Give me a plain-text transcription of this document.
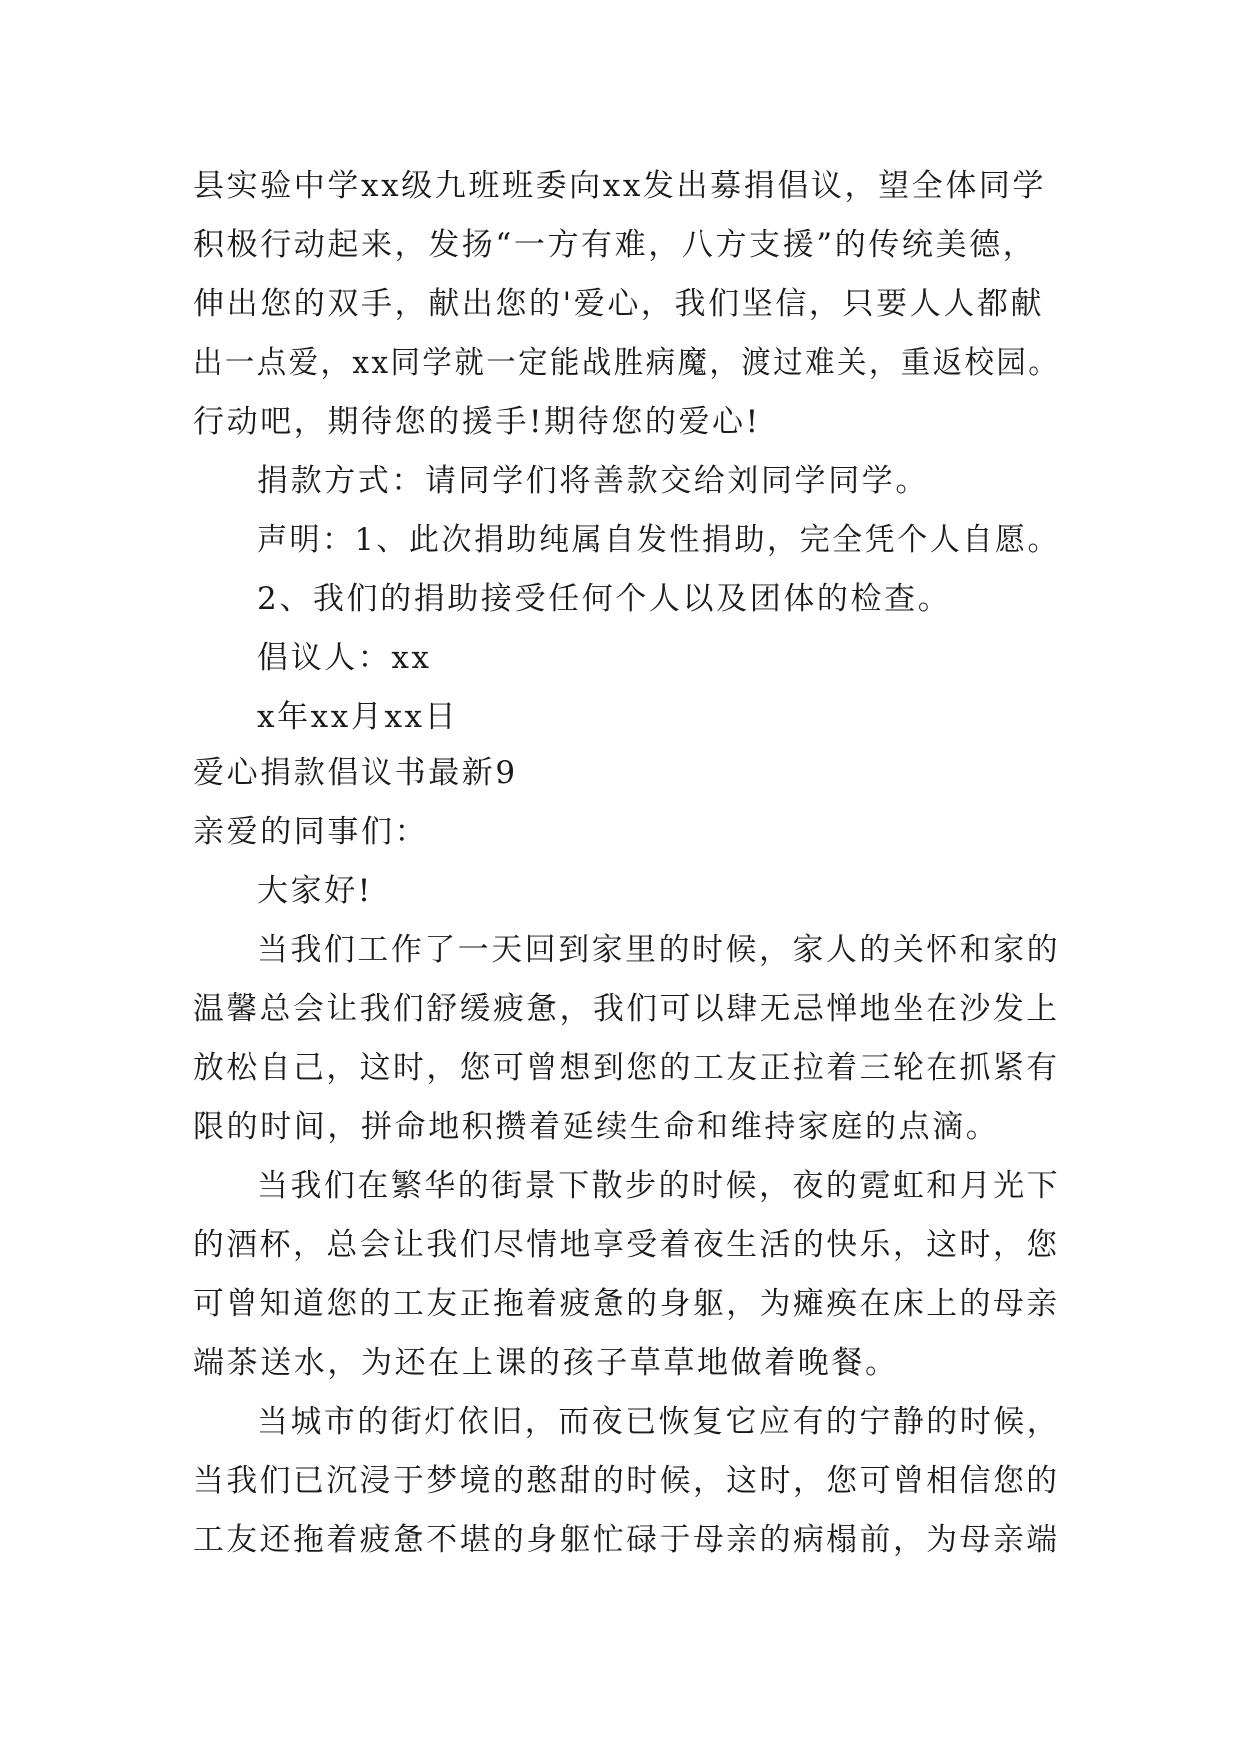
县实验中学xx级九班班委向xx发出募捐倡议，望全体同学
积极行动起来，发扬“一方有难，八方支援”的传统美德，
伸出您的双手，献出您的'爱心，我们坚信，只要人人都献
出一点爱，xx同学就一定能战胜病魔，渡过难关，重返校园。
行动吧，期待您的援手!期待您的爱心!
捐款方式：请同学们将善款交给刘同学同学。
声明：1、此次捐助纯属自发性捐助，完全凭个人自愿。
2、我们的捐助接受任何个人以及团体的检查。
倡议人：xx
x年xx月xx日
爱心捐款倡议书最新9
亲爱的同事们：
大家好!
当我们工作了一天回到家里的时候，家人的关怀和家的
温馨总会让我们舒缓疲惫，我们可以肆无忌惮地坐在沙发上
放松自己，这时，您可曾想到您的工友正拉着三轮在抓紧有
限的时间，拼命地积攒着延续生命和维持家庭的点滴。
当我们在繁华的街景下散步的时候，夜的霓虹和月光下
的酒杯，总会让我们尽情地享受着夜生活的快乐，这时，您
可曾知道您的工友正拖着疲惫的身躯，为瘫痪在床上的母亲
端茶送水，为还在上课的孩子草草地做着晚餐。
当城市的街灯依旧，而夜已恢复它应有的宁静的时候，
当我们已沉浸于梦境的憨甜的时候，这时，您可曾相信您的
工友还拖着疲惫不堪的身躯忙碌于母亲的病榻前，为母亲端
